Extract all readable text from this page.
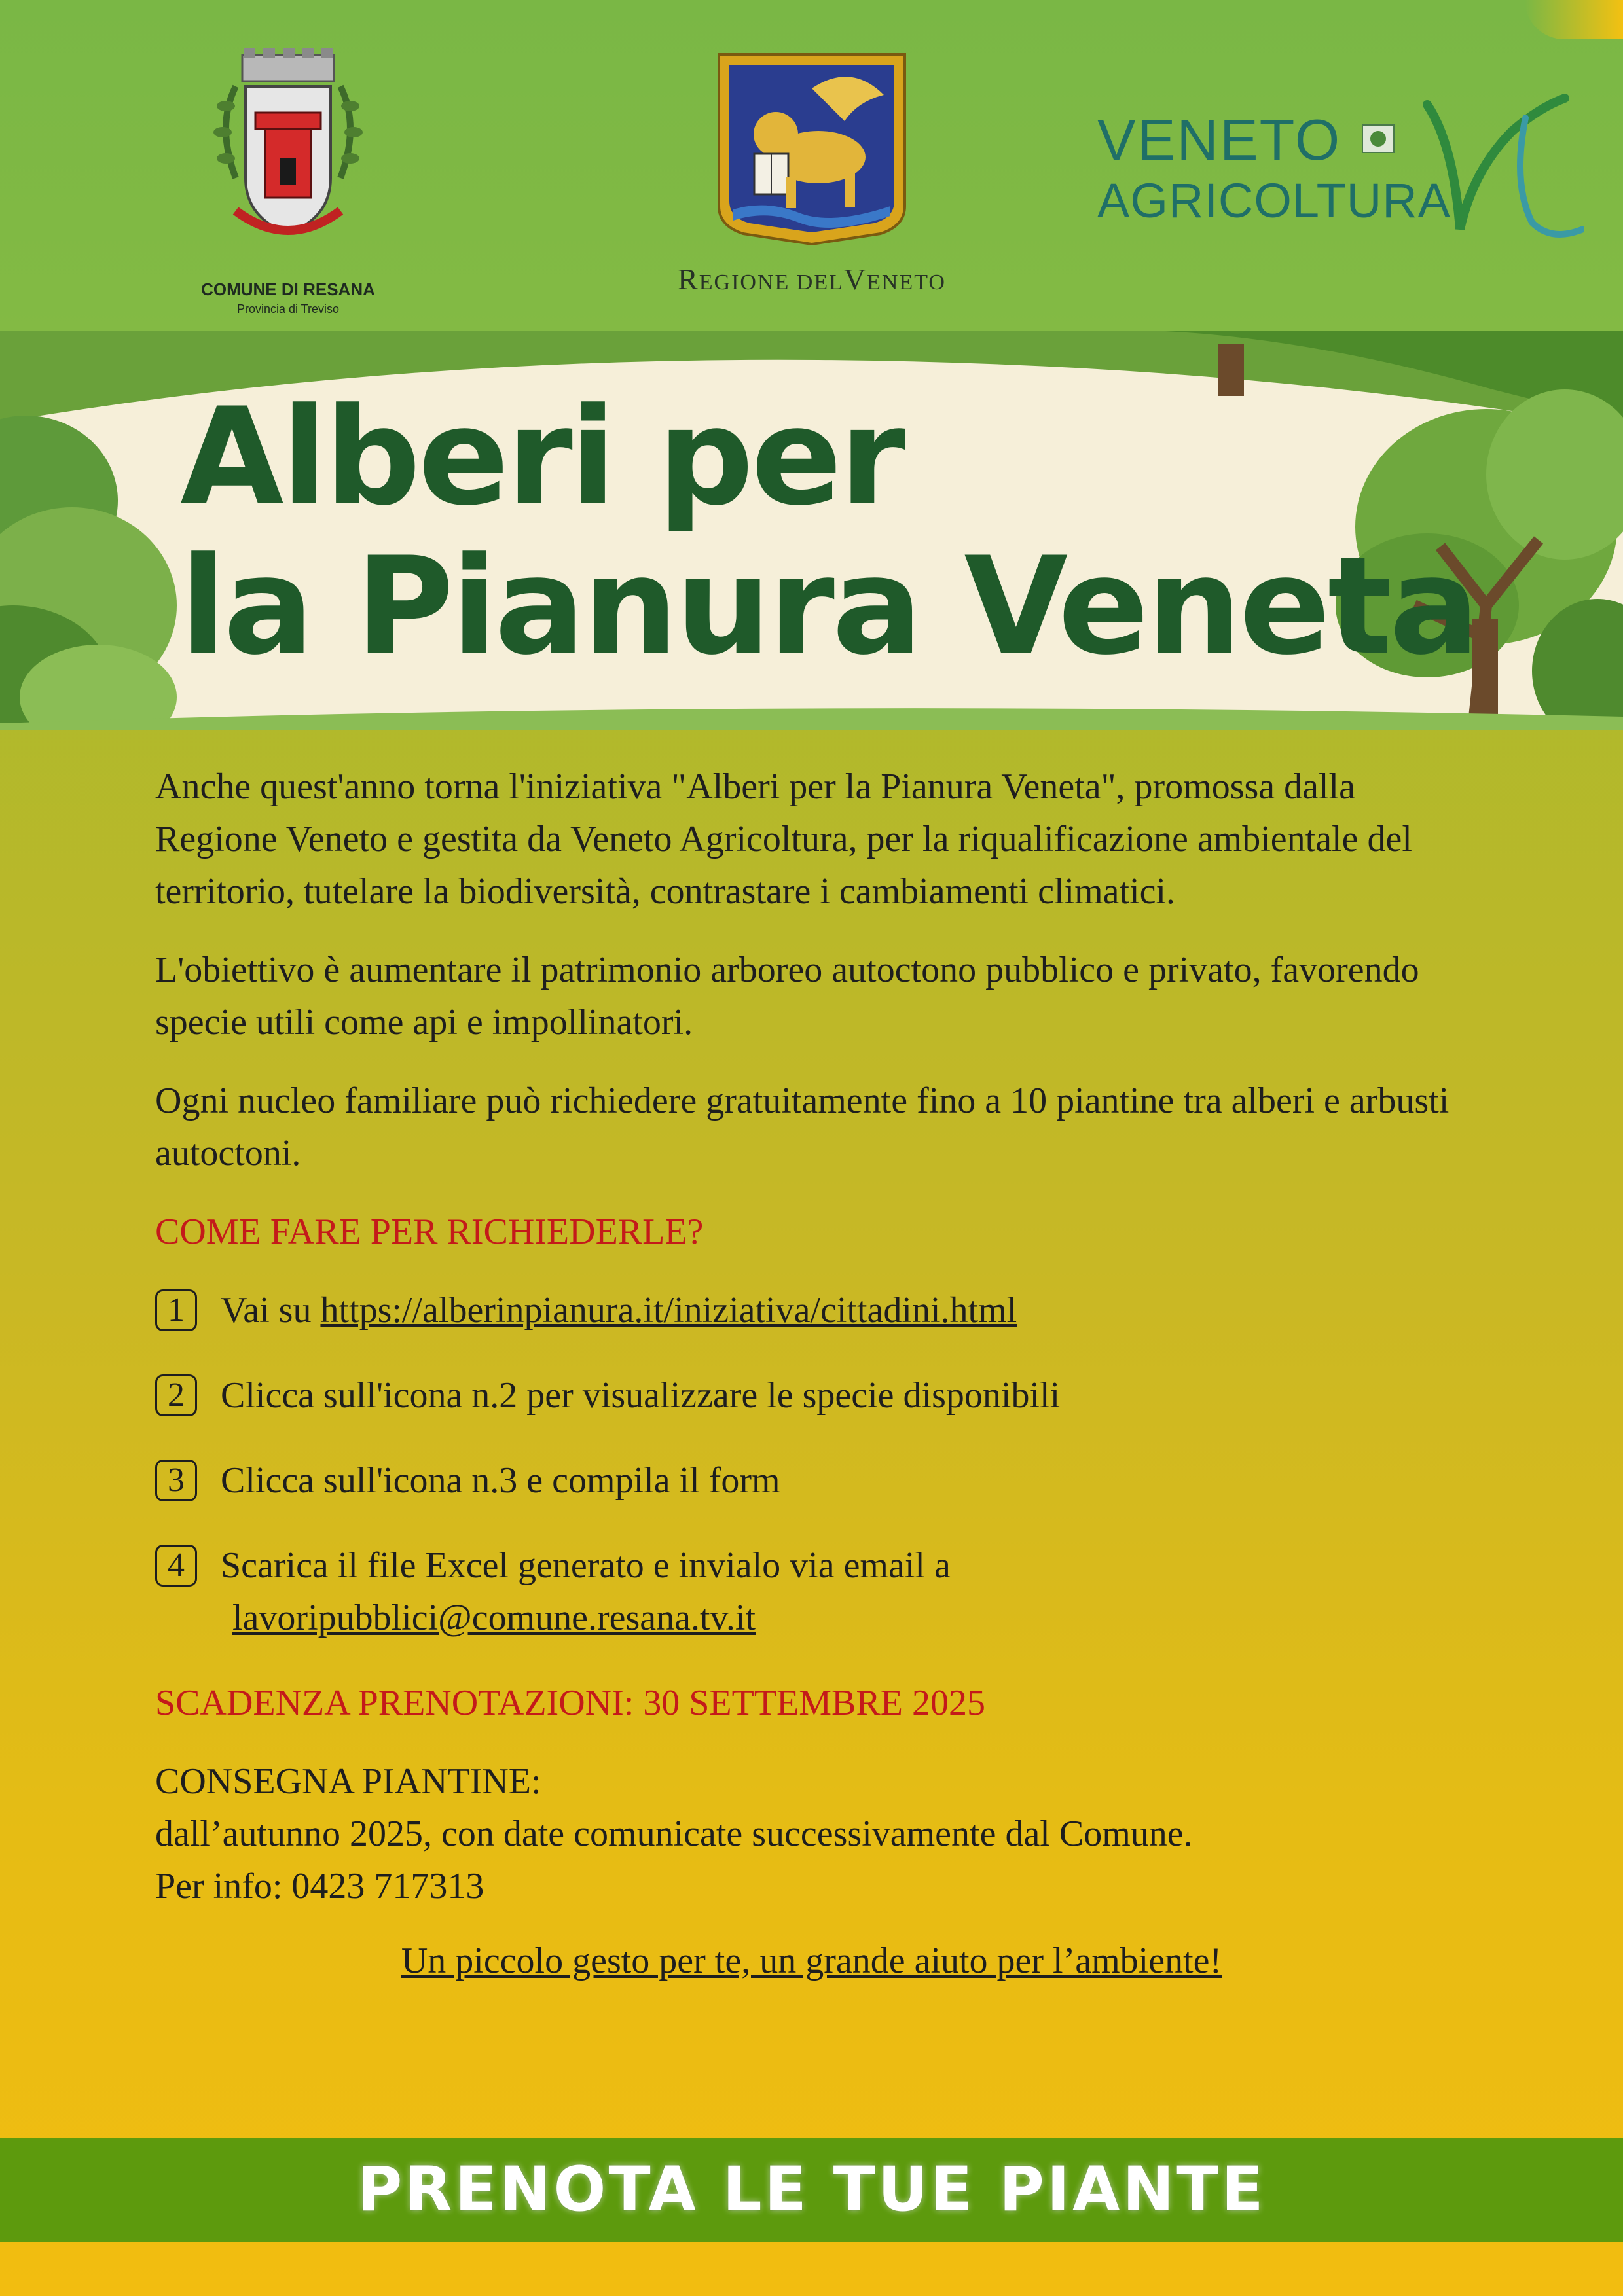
COMUNE DI RESANA
Provincia di Treviso
REGIONE DELVENETO
VENETO
AGRICOLTURA
Alberi per
la Pianura Veneta

Anche quest'anno torna l'iniziativa "Alberi per la Pianura Veneta", promossa dalla Regione Veneto e gestita da Veneto Agricoltura, per la riqualificazione ambientale del territorio, tutelare la biodiversità, contrastare i cambiamenti climatici.

L'obiettivo è aumentare il patrimonio arboreo autoctono pubblico e privato, favorendo specie utili come api e impollinatori.

Ogni nucleo familiare può richiedere gratuitamente fino a 10 piantine tra alberi e arbusti autoctoni.

COME FARE PER RICHIEDERLE?

1 Vai su https://alberinpianura.it/iniziativa/cittadini.html
2 Clicca sull'icona n.2 per visualizzare le specie disponibili
3 Clicca sull'icona n.3 e compila il form
4 Scarica il file Excel generato e invialo via email a
lavoripubblici@comune.resana.tv.it

SCADENZA PRENOTAZIONI: 30 SETTEMBRE 2025

CONSEGNA PIANTINE:
dall’autunno 2025, con date comunicate successivamente dal Comune.
Per info: 0423 717313

Un piccolo gesto per te, un grande aiuto per l’ambiente!

PRENOTA LE TUE PIANTE
